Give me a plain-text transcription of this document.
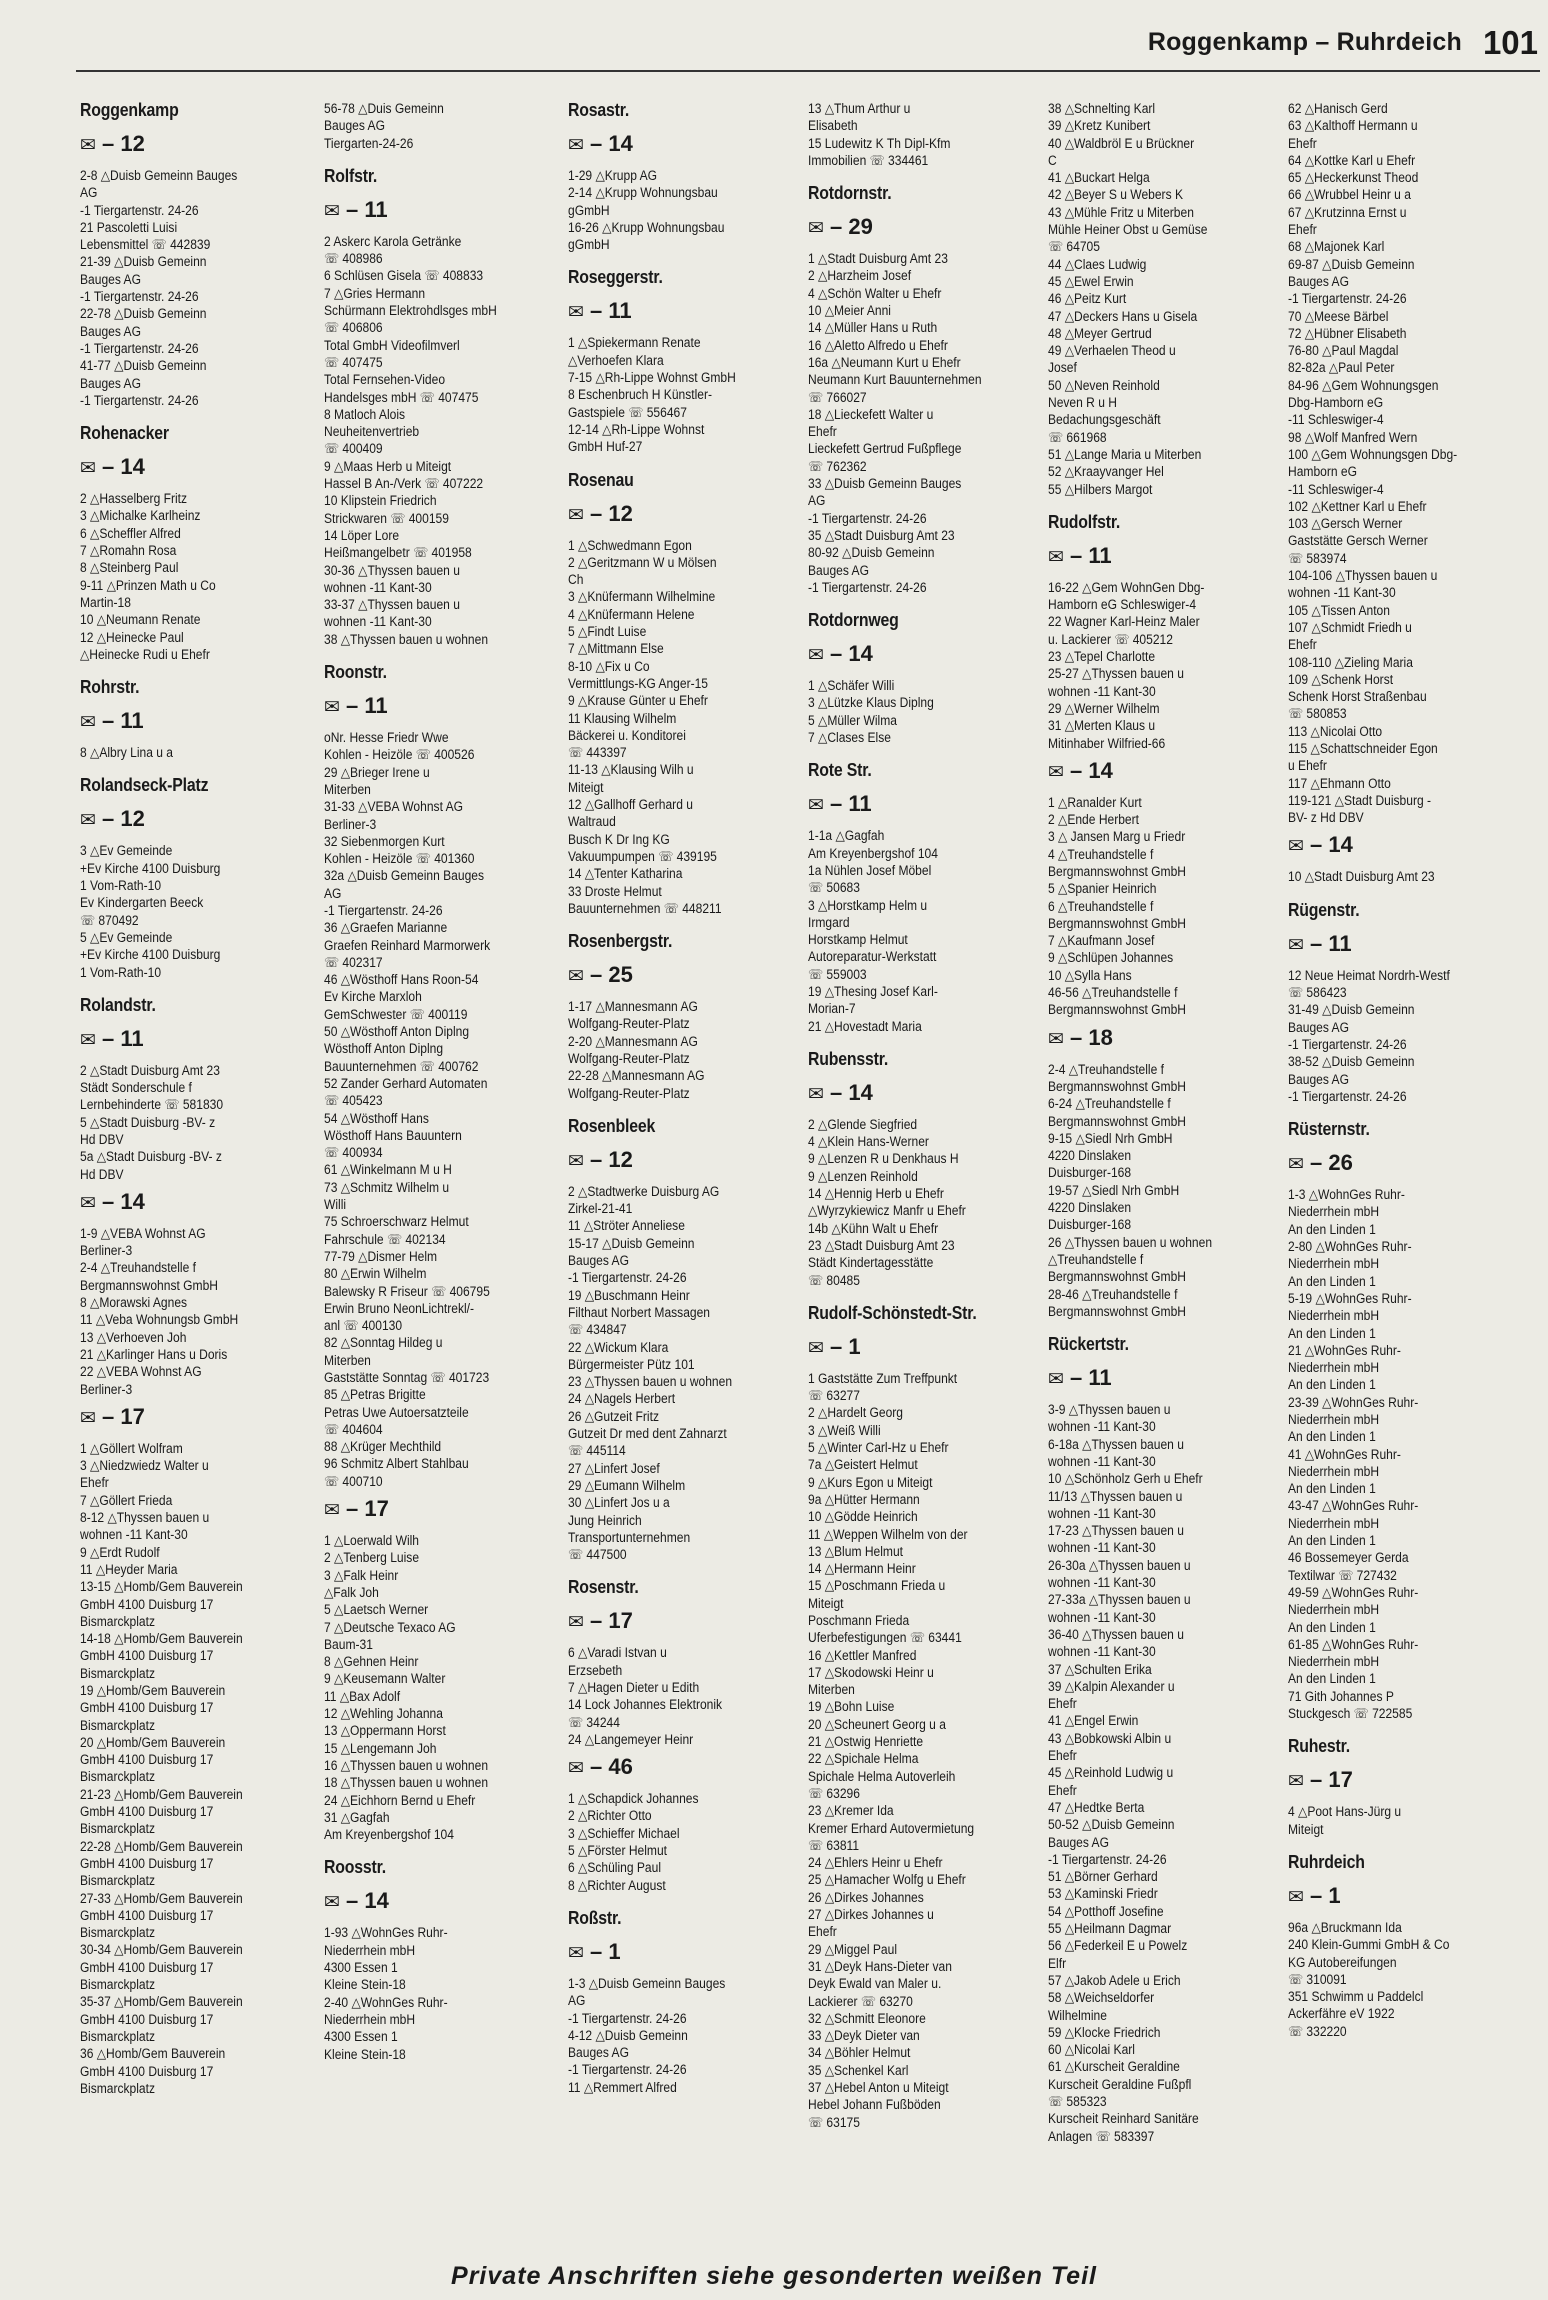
Roggenkamp – Ruhrdeich 101
Roggenkamp
✉ – 12
2-8 △Duisb Gemeinn Bauges
AG
-1 Tiergartenstr. 24-26
21 Pascoletti Luisi
Lebensmittel ☏ 442839
21-39 △Duisb Gemeinn
Bauges AG
-1 Tiergartenstr. 24-26
22-78 △Duisb Gemeinn
Bauges AG
-1 Tiergartenstr. 24-26
41-77 △Duisb Gemeinn
Bauges AG
-1 Tiergartenstr. 24-26
Rohenacker
✉ – 14
2 △Hasselberg Fritz
3 △Michalke Karlheinz
6 △Scheffler Alfred
7 △Romahn Rosa
8 △Steinberg Paul
9-11 △Prinzen Math u Co
Martin-18
10 △Neumann Renate
12 △Heinecke Paul
△Heinecke Rudi u Ehefr
Rohrstr.
✉ – 11
8 △Albry Lina u a
Rolandseck-Platz
✉ – 12
3 △Ev Gemeinde
+Ev Kirche 4100 Duisburg
1 Vom-Rath-10
Ev Kindergarten Beeck
☏ 870492
5 △Ev Gemeinde
+Ev Kirche 4100 Duisburg
1 Vom-Rath-10
Rolandstr.
✉ – 11
2 △Stadt Duisburg Amt 23
Städt Sonderschule f
Lernbehinderte ☏ 581830
5 △Stadt Duisburg -BV- z
Hd DBV
5a △Stadt Duisburg -BV- z
Hd DBV
✉ – 14
1-9 △VEBA Wohnst AG
Berliner-3
2-4 △Treuhandstelle f
Bergmannswohnst GmbH
8 △Morawski Agnes
11 △Veba Wohnungsb GmbH
13 △Verhoeven Joh
21 △Karlinger Hans u Doris
22 △VEBA Wohnst AG
Berliner-3
✉ – 17
1 △Göllert Wolfram
3 △Niedzwiedz Walter u
Ehefr
7 △Göllert Frieda
8-12 △Thyssen bauen u
wohnen -11 Kant-30
9 △Erdt Rudolf
11 △Heyder Maria
13-15 △Homb/Gem Bauverein
GmbH 4100 Duisburg 17
Bismarckplatz
14-18 △Homb/Gem Bauverein
GmbH 4100 Duisburg 17
Bismarckplatz
19 △Homb/Gem Bauverein
GmbH 4100 Duisburg 17
Bismarckplatz
20 △Homb/Gem Bauverein
GmbH 4100 Duisburg 17
Bismarckplatz
21-23 △Homb/Gem Bauverein
GmbH 4100 Duisburg 17
Bismarckplatz
22-28 △Homb/Gem Bauverein
GmbH 4100 Duisburg 17
Bismarckplatz
27-33 △Homb/Gem Bauverein
GmbH 4100 Duisburg 17
Bismarckplatz
30-34 △Homb/Gem Bauverein
GmbH 4100 Duisburg 17
Bismarckplatz
35-37 △Homb/Gem Bauverein
GmbH 4100 Duisburg 17
Bismarckplatz
36 △Homb/Gem Bauverein
GmbH 4100 Duisburg 17
Bismarckplatz
56-78 △Duis Gemeinn
Bauges AG
Tiergarten-24-26
Rolfstr.
✉ – 11
2 Askerc Karola Getränke
☏ 408986
6 Schlüsen Gisela ☏ 408833
7 △Gries Hermann
Schürmann Elektrohdlsges mbH
☏ 406806
Total GmbH Videofilmverl
☏ 407475
Total Fernsehen-Video
Handelsges mbH ☏ 407475
8 Matloch Alois
Neuheitenvertrieb
☏ 400409
9 △Maas Herb u Miteigt
Hassel B An-/Verk ☏ 407222
10 Klipstein Friedrich
Strickwaren ☏ 400159
14 Löper Lore
Heißmangelbetr ☏ 401958
30-36 △Thyssen bauen u
wohnen -11 Kant-30
33-37 △Thyssen bauen u
wohnen -11 Kant-30
38 △Thyssen bauen u wohnen
Roonstr.
✉ – 11
oNr. Hesse Friedr Wwe
Kohlen - Heizöle ☏ 400526
29 △Brieger Irene u
Miterben
31-33 △VEBA Wohnst AG
Berliner-3
32 Siebenmorgen Kurt
Kohlen - Heizöle ☏ 401360
32a △Duisb Gemeinn Bauges
AG
-1 Tiergartenstr. 24-26
36 △Graefen Marianne
Graefen Reinhard Marmorwerk
☏ 402317
46 △Wösthoff Hans Roon-54
Ev Kirche Marxloh
GemSchwester ☏ 400119
50 △Wösthoff Anton Diplng
Wösthoff Anton Diplng
Bauunternehmen ☏ 400762
52 Zander Gerhard Automaten
☏ 405423
54 △Wösthoff Hans
Wösthoff Hans Bauuntern
☏ 400934
61 △Winkelmann M u H
73 △Schmitz Wilhelm u
Willi
75 Schroerschwarz Helmut
Fahrschule ☏ 402134
77-79 △Dismer Helm
80 △Erwin Wilhelm
Balewsky R Friseur ☏ 406795
Erwin Bruno NeonLichtrekl/-
anl ☏ 400130
82 △Sonntag Hildeg u
Miterben
Gaststätte Sonntag ☏ 401723
85 △Petras Brigitte
Petras Uwe Autoersatzteile
☏ 404604
88 △Krüger Mechthild
96 Schmitz Albert Stahlbau
☏ 400710
✉ – 17
1 △Loerwald Wilh
2 △Tenberg Luise
3 △Falk Heinr
△Falk Joh
5 △Laetsch Werner
7 △Deutsche Texaco AG
Baum-31
8 △Gehnen Heinr
9 △Keusemann Walter
11 △Bax Adolf
12 △Wehling Johanna
13 △Oppermann Horst
15 △Lengemann Joh
16 △Thyssen bauen u wohnen
18 △Thyssen bauen u wohnen
24 △Eichhorn Bernd u Ehefr
31 △Gagfah
Am Kreyenbergshof 104
Roosstr.
✉ – 14
1-93 △WohnGes Ruhr-
Niederrhein mbH
4300 Essen 1
Kleine Stein-18
2-40 △WohnGes Ruhr-
Niederrhein mbH
4300 Essen 1
Kleine Stein-18
Rosastr.
✉ – 14
1-29 △Krupp AG
2-14 △Krupp Wohnungsbau
gGmbH
16-26 △Krupp Wohnungsbau
gGmbH
Roseggerstr.
✉ – 11
1 △Spiekermann Renate
△Verhoefen Klara
7-15 △Rh-Lippe Wohnst GmbH
8 Eschenbruch H Künstler-
Gastspiele ☏ 556467
12-14 △Rh-Lippe Wohnst
GmbH Huf-27
Rosenau
✉ – 12
1 △Schwedmann Egon
2 △Geritzmann W u Mölsen
Ch
3 △Knüfermann Wilhelmine
4 △Knüfermann Helene
5 △Findt Luise
7 △Mittmann Else
8-10 △Fix u Co
Vermittlungs-KG Anger-15
9 △Krause Günter u Ehefr
11 Klausing Wilhelm
Bäckerei u. Konditorei
☏ 443397
11-13 △Klausing Wilh u
Miteigt
12 △Gallhoff Gerhard u
Waltraud
Busch K Dr Ing KG
Vakuumpumpen ☏ 439195
14 △Tenter Katharina
33 Droste Helmut
Bauunternehmen ☏ 448211
Rosenbergstr.
✉ – 25
1-17 △Mannesmann AG
Wolfgang-Reuter-Platz
2-20 △Mannesmann AG
Wolfgang-Reuter-Platz
22-28 △Mannesmann AG
Wolfgang-Reuter-Platz
Rosenbleek
✉ – 12
2 △Stadtwerke Duisburg AG
Zirkel-21-41
11 △Ströter Anneliese
15-17 △Duisb Gemeinn
Bauges AG
-1 Tiergartenstr. 24-26
19 △Buschmann Heinr
Filthaut Norbert Massagen
☏ 434847
22 △Wickum Klara
Bürgermeister Pütz 101
23 △Thyssen bauen u wohnen
24 △Nagels Herbert
26 △Gutzeit Fritz
Gutzeit Dr med dent Zahnarzt
☏ 445114
27 △Linfert Josef
29 △Eumann Wilhelm
30 △Linfert Jos u a
Jung Heinrich
Transportunternehmen
☏ 447500
Rosenstr.
✉ – 17
6 △Varadi Istvan u
Erzsebeth
7 △Hagen Dieter u Edith
14 Lock Johannes Elektronik
☏ 34244
24 △Langemeyer Heinr
✉ – 46
1 △Schapdick Johannes
2 △Richter Otto
3 △Schieffer Michael
5 △Förster Helmut
6 △Schüling Paul
8 △Richter August
Roßstr.
✉ – 1
1-3 △Duisb Gemeinn Bauges
AG
-1 Tiergartenstr. 24-26
4-12 △Duisb Gemeinn
Bauges AG
-1 Tiergartenstr. 24-26
11 △Remmert Alfred
13 △Thum Arthur u
Elisabeth
15 Ludewitz K Th Dipl-Kfm
Immobilien ☏ 334461
Rotdornstr.
✉ – 29
1 △Stadt Duisburg Amt 23
2 △Harzheim Josef
4 △Schön Walter u Ehefr
10 △Meier Anni
14 △Müller Hans u Ruth
16 △Aletto Alfredo u Ehefr
16a △Neumann Kurt u Ehefr
Neumann Kurt Bauunternehmen
☏ 766027
18 △Lieckefett Walter u
Ehefr
Lieckefett Gertrud Fußpflege
☏ 762362
33 △Duisb Gemeinn Bauges
AG
-1 Tiergartenstr. 24-26
35 △Stadt Duisburg Amt 23
80-92 △Duisb Gemeinn
Bauges AG
-1 Tiergartenstr. 24-26
Rotdornweg
✉ – 14
1 △Schäfer Willi
3 △Lützke Klaus Diplng
5 △Müller Wilma
7 △Clases Else
Rote Str.
✉ – 11
1-1a △Gagfah
Am Kreyenbergshof 104
1a Nühlen Josef Möbel
☏ 50683
3 △Horstkamp Helm u
Irmgard
Horstkamp Helmut
Autoreparatur-Werkstatt
☏ 559003
19 △Thesing Josef Karl-
Morian-7
21 △Hovestadt Maria
Rubensstr.
✉ – 14
2 △Glende Siegfried
4 △Klein Hans-Werner
9 △Lenzen R u Denkhaus H
9 △Lenzen Reinhold
14 △Hennig Herb u Ehefr
△Wyrzykiewicz Manfr u Ehefr
14b △Kühn Walt u Ehefr
23 △Stadt Duisburg Amt 23
Städt Kindertagesstätte
☏ 80485
Rudolf-Schönstedt-Str.
✉ – 1
1 Gaststätte Zum Treffpunkt
☏ 63277
2 △Hardelt Georg
3 △Weiß Willi
5 △Winter Carl-Hz u Ehefr
7a △Geistert Helmut
9 △Kurs Egon u Miteigt
9a △Hütter Hermann
10 △Gödde Heinrich
11 △Weppen Wilhelm von der
13 △Blum Helmut
14 △Hermann Heinr
15 △Poschmann Frieda u
Miteigt
Poschmann Frieda
Uferbefestigungen ☏ 63441
16 △Kettler Manfred
17 △Skodowski Heinr u
Miterben
19 △Bohn Luise
20 △Scheunert Georg u a
21 △Ostwig Henriette
22 △Spichale Helma
Spichale Helma Autoverleih
☏ 63296
23 △Kremer Ida
Kremer Erhard Autovermietung
☏ 63811
24 △Ehlers Heinr u Ehefr
25 △Hamacher Wolfg u Ehefr
26 △Dirkes Johannes
27 △Dirkes Johannes u
Ehefr
29 △Miggel Paul
31 △Deyk Hans-Dieter van
Deyk Ewald van Maler u.
Lackierer ☏ 63270
32 △Schmitt Eleonore
33 △Deyk Dieter van
34 △Böhler Helmut
35 △Schenkel Karl
37 △Hebel Anton u Miteigt
Hebel Johann Fußböden
☏ 63175
38 △Schnelting Karl
39 △Kretz Kunibert
40 △Waldbröl E u Brückner
C
41 △Buckart Helga
42 △Beyer S u Webers K
43 △Mühle Fritz u Miterben
Mühle Heiner Obst u Gemüse
☏ 64705
44 △Claes Ludwig
45 △Ewel Erwin
46 △Peitz Kurt
47 △Deckers Hans u Gisela
48 △Meyer Gertrud
49 △Verhaelen Theod u
Josef
50 △Neven Reinhold
Neven R u H
Bedachungsgeschäft
☏ 661968
51 △Lange Maria u Miterben
52 △Kraayvanger Hel
55 △Hilbers Margot
Rudolfstr.
✉ – 11
16-22 △Gem WohnGen Dbg-
Hamborn eG Schleswiger-4
22 Wagner Karl-Heinz Maler
u. Lackierer ☏ 405212
23 △Tepel Charlotte
25-27 △Thyssen bauen u
wohnen -11 Kant-30
29 △Werner Wilhelm
31 △Merten Klaus u
Mitinhaber Wilfried-66
✉ – 14
1 △Ranalder Kurt
2 △Ende Herbert
3 △ Jansen Marg u Friedr
4 △Treuhandstelle f
Bergmannswohnst GmbH
5 △Spanier Heinrich
6 △Treuhandstelle f
Bergmannswohnst GmbH
7 △Kaufmann Josef
9 △Schlüpen Johannes
10 △Sylla Hans
46-56 △Treuhandstelle f
Bergmannswohnst GmbH
✉ – 18
2-4 △Treuhandstelle f
Bergmannswohnst GmbH
6-24 △Treuhandstelle f
Bergmannswohnst GmbH
9-15 △Siedl Nrh GmbH
4220 Dinslaken
Duisburger-168
19-57 △Siedl Nrh GmbH
4220 Dinslaken
Duisburger-168
26 △Thyssen bauen u wohnen
△Treuhandstelle f
Bergmannswohnst GmbH
28-46 △Treuhandstelle f
Bergmannswohnst GmbH
Rückertstr.
✉ – 11
3-9 △Thyssen bauen u
wohnen -11 Kant-30
6-18a △Thyssen bauen u
wohnen -11 Kant-30
10 △Schönholz Gerh u Ehefr
11/13 △Thyssen bauen u
wohnen -11 Kant-30
17-23 △Thyssen bauen u
wohnen -11 Kant-30
26-30a △Thyssen bauen u
wohnen -11 Kant-30
27-33a △Thyssen bauen u
wohnen -11 Kant-30
36-40 △Thyssen bauen u
wohnen -11 Kant-30
37 △Schulten Erika
39 △Kalpin Alexander u
Ehefr
41 △Engel Erwin
43 △Bobkowski Albin u
Ehefr
45 △Reinhold Ludwig u
Ehefr
47 △Hedtke Berta
50-52 △Duisb Gemeinn
Bauges AG
-1 Tiergartenstr. 24-26
51 △Börner Gerhard
53 △Kaminski Friedr
54 △Potthoff Josefine
55 △Heilmann Dagmar
56 △Federkeil E u Powelz
Elfr
57 △Jakob Adele u Erich
58 △Weichseldorfer
Wilhelmine
59 △Klocke Friedrich
60 △Nicolai Karl
61 △Kurscheit Geraldine
Kurscheit Geraldine Fußpfl
☏ 585323
Kurscheit Reinhard Sanitäre
Anlagen ☏ 583397
62 △Hanisch Gerd
63 △Kalthoff Hermann u
Ehefr
64 △Kottke Karl u Ehefr
65 △Heckerkunst Theod
66 △Wrubbel Heinr u a
67 △Krutzinna Ernst u
Ehefr
68 △Majonek Karl
69-87 △Duisb Gemeinn
Bauges AG
-1 Tiergartenstr. 24-26
70 △Meese Bärbel
72 △Hübner Elisabeth
76-80 △Paul Magdal
82-82a △Paul Peter
84-96 △Gem Wohnungsgen
Dbg-Hamborn eG
-11 Schleswiger-4
98 △Wolf Manfred Wern
100 △Gem Wohnungsgen Dbg-
Hamborn eG
-11 Schleswiger-4
102 △Kettner Karl u Ehefr
103 △Gersch Werner
Gaststätte Gersch Werner
☏ 583974
104-106 △Thyssen bauen u
wohnen -11 Kant-30
105 △Tissen Anton
107 △Schmidt Friedh u
Ehefr
108-110 △Zieling Maria
109 △Schenk Horst
Schenk Horst Straßenbau
☏ 580853
113 △Nicolai Otto
115 △Schattschneider Egon
u Ehefr
117 △Ehmann Otto
119-121 △Stadt Duisburg -
BV- z Hd DBV
✉ – 14
10 △Stadt Duisburg Amt 23
Rügenstr.
✉ – 11
12 Neue Heimat Nordrh-Westf
☏ 586423
31-49 △Duisb Gemeinn
Bauges AG
-1 Tiergartenstr. 24-26
38-52 △Duisb Gemeinn
Bauges AG
-1 Tiergartenstr. 24-26
Rüsternstr.
✉ – 26
1-3 △WohnGes Ruhr-
Niederrhein mbH
An den Linden 1
2-80 △WohnGes Ruhr-
Niederrhein mbH
An den Linden 1
5-19 △WohnGes Ruhr-
Niederrhein mbH
An den Linden 1
21 △WohnGes Ruhr-
Niederrhein mbH
An den Linden 1
23-39 △WohnGes Ruhr-
Niederrhein mbH
An den Linden 1
41 △WohnGes Ruhr-
Niederrhein mbH
An den Linden 1
43-47 △WohnGes Ruhr-
Niederrhein mbH
An den Linden 1
46 Bossemeyer Gerda
Textilwar ☏ 727432
49-59 △WohnGes Ruhr-
Niederrhein mbH
An den Linden 1
61-85 △WohnGes Ruhr-
Niederrhein mbH
An den Linden 1
71 Gith Johannes P
Stuckgesch ☏ 722585
Ruhestr.
✉ – 17
4 △Poot Hans-Jürg u
Miteigt
Ruhrdeich
✉ – 1
96a △Bruckmann Ida
240 Klein-Gummi GmbH & Co
KG Autobereifungen
☏ 310091
351 Schwimm u Paddelcl
Ackerfähre eV 1922
☏ 332220
Private Anschriften siehe gesonderten weißen Teil
